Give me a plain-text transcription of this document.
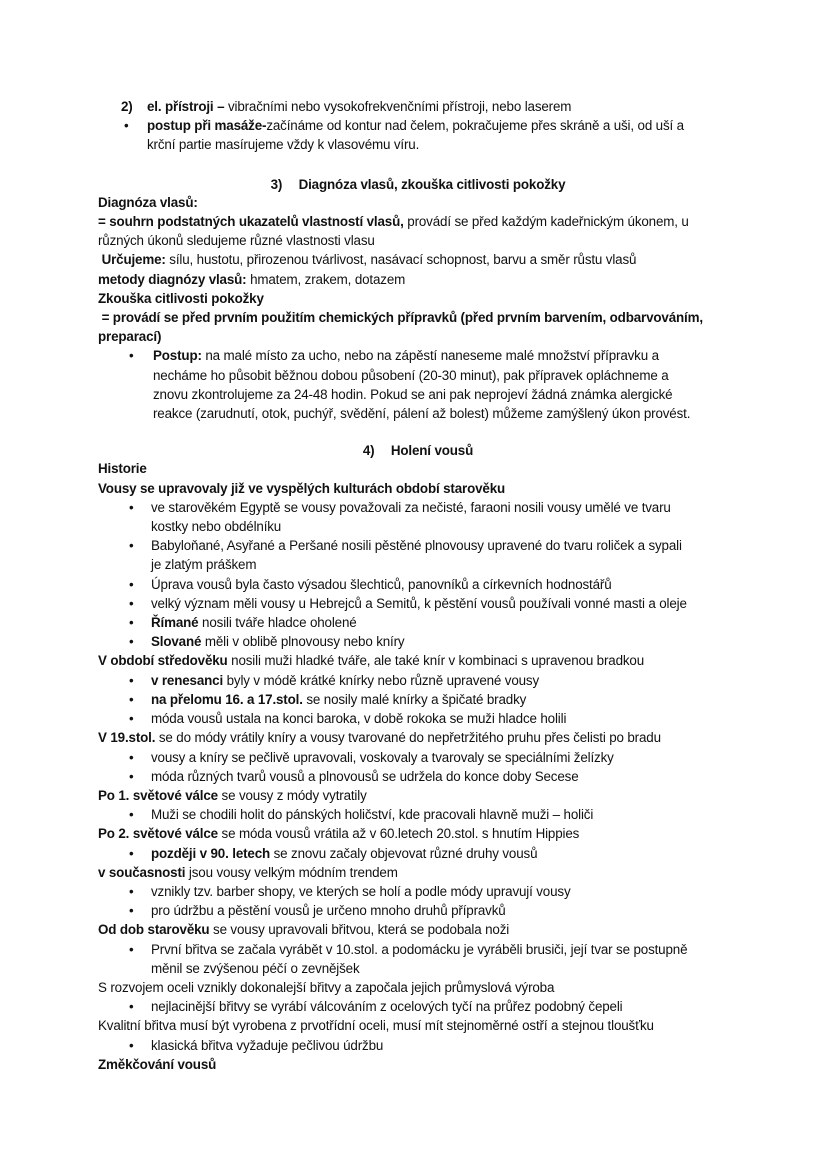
2) el. přístroji – vibračními nebo vysokofrekvenčními přístroji, nebo laserem
• postup při masáže-začínáme od kontur nad čelem, pokračujeme přes skráně a uši, od uší a
krční partie masírujeme vždy k vlasovému víru.
3) Diagnóza vlasů, zkouška citlivosti pokožky
Diagnóza vlasů:
= souhrn podstatných ukazatelů vlastností vlasů, provádí se před každým kadeřnickým úkonem, u
různých úkonů sledujeme různé vlastnosti vlasu
Určujeme: sílu, hustotu, přirozenou tvárlivost, nasávací schopnost, barvu a směr růstu vlasů
metody diagnózy vlasů: hmatem, zrakem, dotazem
Zkouška citlivosti pokožky
= provádí se před prvním použitím chemických přípravků (před prvním barvením, odbarvováním,
preparací)
• Postup: na malé místo za ucho, nebo na zápěstí naneseme malé množství přípravku a
necháme ho působit běžnou dobou působení (20-30 minut), pak přípravek opláchneme a
znovu zkontrolujeme za 24-48 hodin. Pokud se ani pak neprojeví žádná známka alergické
reakce (zarudnutí, otok, puchýř, svědění, pálení až bolest) můžeme zamýšlený úkon provést.
4) Holení vousů
Historie
Vousy se upravovaly již ve vyspělých kulturách období starověku
• ve starověkém Egyptě se vousy považovali za nečisté, faraoni nosili vousy umělé ve tvaru
kostky nebo obdélníku
• Babyloňané, Asyřané a Peršané nosili pěstěné plnovousy upravené do tvaru roliček a sypali
je zlatým práškem
• Úprava vousů byla často výsadou šlechticů, panovníků a církevních hodnostářů
• velký význam měli vousy u Hebrejců a Semitů, k pěstění vousů používali vonné masti a oleje
• Římané nosili tváře hladce oholené
• Slované měli v oblibě plnovousy nebo kníry
V období středověku nosili muži hladké tváře, ale také knír v kombinaci s upravenou bradkou
• v renesanci byly v módě krátké knírky nebo různě upravené vousy
• na přelomu 16. a 17.stol. se nosily malé knírky a špičaté bradky
• móda vousů ustala na konci baroka, v době rokoka se muži hladce holili
V 19.stol. se do módy vrátily kníry a vousy tvarované do nepřetržitého pruhu přes čelisti po bradu
• vousy a kníry se pečlivě upravovali, voskovaly a tvarovaly se speciálními želízky
• móda různých tvarů vousů a plnovousů se udržela do konce doby Secese
Po 1. světové válce se vousy z módy vytratily
• Muži se chodili holit do pánských holičství, kde pracovali hlavně muži – holiči
Po 2. světové válce se móda vousů vrátila až v 60.letech 20.stol. s hnutím Hippies
• později v 90. letech se znovu začaly objevovat různé druhy vousů
v současnosti jsou vousy velkým módním trendem
• vznikly tzv. barber shopy, ve kterých se holí a podle módy upravují vousy
• pro údržbu a pěstění vousů je určeno mnoho druhů přípravků
Od dob starověku se vousy upravovali břitvou, která se podobala noži
• První břitva se začala vyrábět v 10.stol. a podomácku je vyráběli brusiči, její tvar se postupně
měnil se zvýšenou péčí o zevnějšek
S rozvojem oceli vznikly dokonalejší břitvy a započala jejich průmyslová výroba
• nejlacinější břitvy se vyrábí válcováním z ocelových tyčí na průřez podobný čepeli
Kvalitní břitva musí být vyrobena z prvotřídní oceli, musí mít stejnoměrné ostří a stejnou tloušťku
• klasická břitva vyžaduje pečlivou údržbu
Změkčování vousů
